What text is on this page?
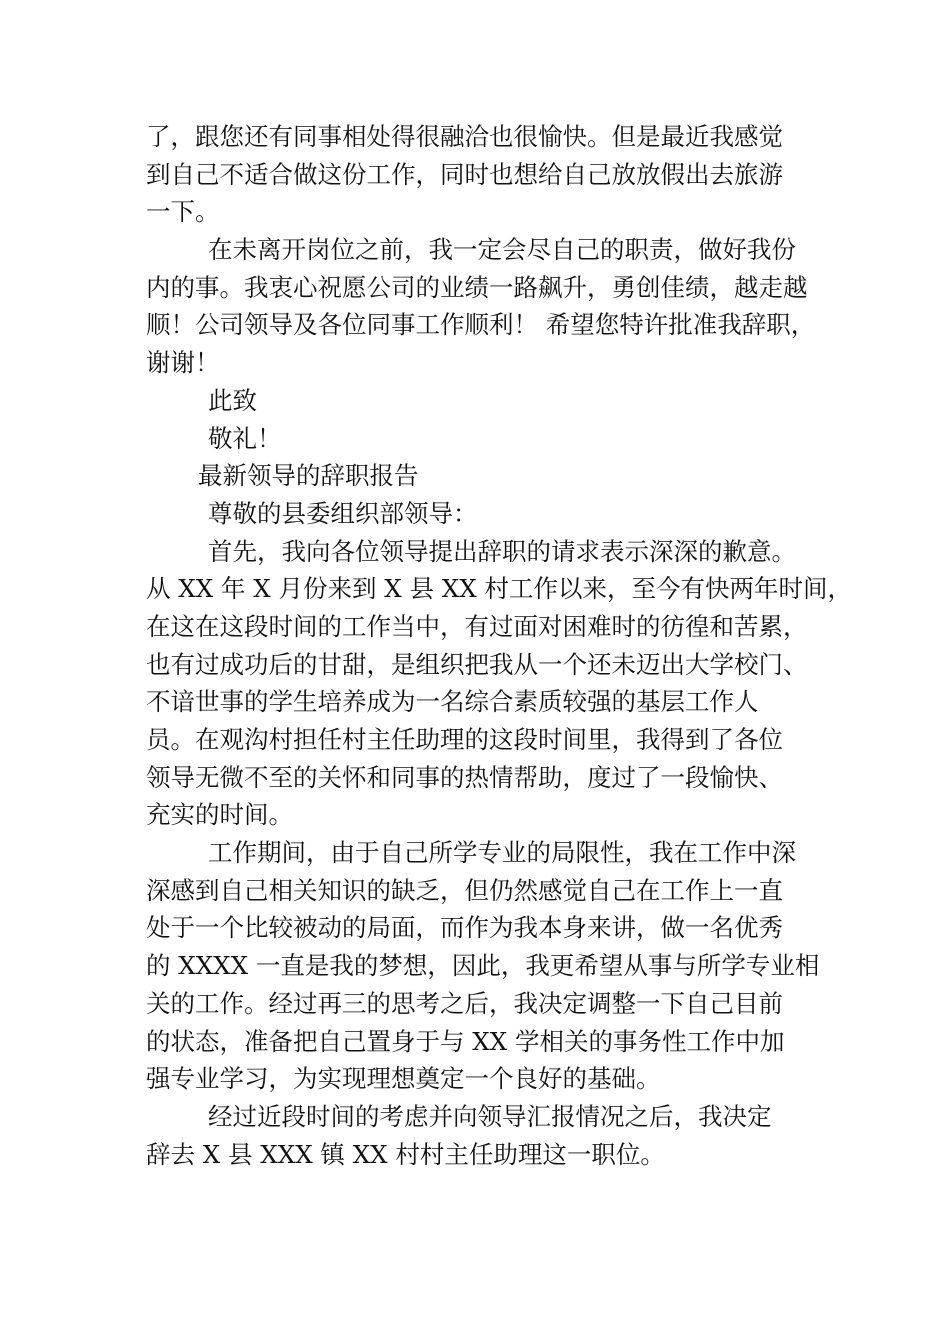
了，跟您还有同事相处得很融洽也很愉快。但是最近我感觉
到自己不适合做这份工作，同时也想给自己放放假出去旅游
一下。
在未离开岗位之前，我一定会尽自己的职责，做好我份
内的事。我衷心祝愿公司的业绩一路飙升，勇创佳绩，越走越
顺！公司领导及各位同事工作顺利！ 希望您特许批准我辞职，
谢谢！
此致
敬礼！
最新领导的辞职报告
尊敬的县委组织部领导：
首先，我向各位领导提出辞职的请求表示深深的歉意。
从 XX 年 X 月份来到 X 县 XX 村工作以来，至今有快两年时间，
在这在这段时间的工作当中，有过面对困难时的彷徨和苦累，
也有过成功后的甘甜，是组织把我从一个还未迈出大学校门、
不谙世事的学生培养成为一名综合素质较强的基层工作人
员。在观沟村担任村主任助理的这段时间里，我得到了各位
领导无微不至的关怀和同事的热情帮助，度过了一段愉快、
充实的时间。
工作期间，由于自己所学专业的局限性，我在工作中深
深感到自己相关知识的缺乏，但仍然感觉自己在工作上一直
处于一个比较被动的局面，而作为我本身来讲，做一名优秀
的 XXXX 一直是我的梦想，因此，我更希望从事与所学专业相
关的工作。经过再三的思考之后，我决定调整一下自己目前
的状态，准备把自己置身于与 XX 学相关的事务性工作中加
强专业学习，为实现理想奠定一个良好的基础。
经过近段时间的考虑并向领导汇报情况之后，我决定
辞去 X 县 XXX 镇 XX 村村主任助理这一职位。
